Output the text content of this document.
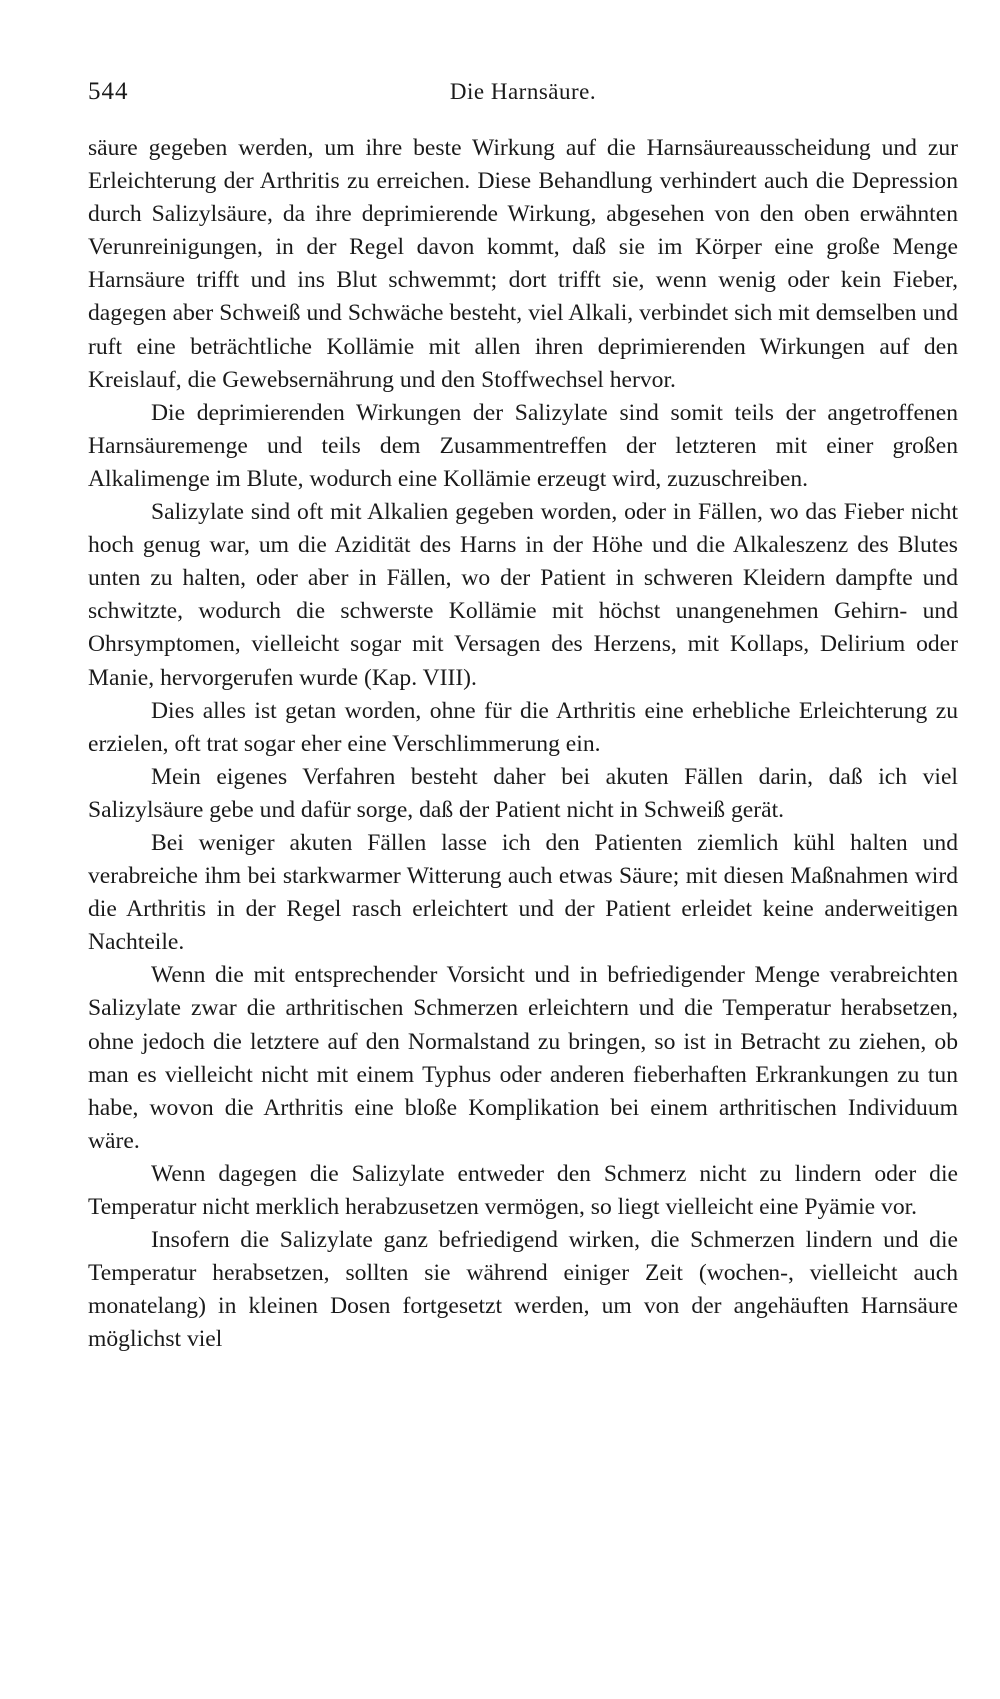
544	Die Harnsäure.

säure gegeben werden, um ihre beste Wirkung auf die Harnsäureausscheidung und zur Erleichterung der Arthritis zu erreichen. Diese Behandlung verhindert auch die Depression durch Salizylsäure, da ihre deprimierende Wirkung, abgesehen von den oben erwähnten Verunreinigungen, in der Regel davon kommt, daß sie im Körper eine große Menge Harnsäure trifft und ins Blut schwemmt; dort trifft sie, wenn wenig oder kein Fieber, dagegen aber Schweiß und Schwäche besteht, viel Alkali, verbindet sich mit demselben und ruft eine beträchtliche Kollämie mit allen ihren deprimierenden Wirkungen auf den Kreislauf, die Gewebsernährung und den Stoffwechsel hervor.

Die deprimierenden Wirkungen der Salizylate sind somit teils der angetroffenen Harnsäuremenge und teils dem Zusammentreffen der letzteren mit einer großen Alkalimenge im Blute, wodurch eine Kollämie erzeugt wird, zuzuschreiben.

Salizylate sind oft mit Alkalien gegeben worden, oder in Fällen, wo das Fieber nicht hoch genug war, um die Azidität des Harns in der Höhe und die Alkaleszenz des Blutes unten zu halten, oder aber in Fällen, wo der Patient in schweren Kleidern dampfte und schwitzte, wodurch die schwerste Kollämie mit höchst unangenehmen Gehirn- und Ohrsymptomen, vielleicht sogar mit Versagen des Herzens, mit Kollaps, Delirium oder Manie, hervorgerufen wurde (Kap. VIII).

Dies alles ist getan worden, ohne für die Arthritis eine erhebliche Erleichterung zu erzielen, oft trat sogar eher eine Verschlimmerung ein.

Mein eigenes Verfahren besteht daher bei akuten Fällen darin, daß ich viel Salizylsäure gebe und dafür sorge, daß der Patient nicht in Schweiß gerät.

Bei weniger akuten Fällen lasse ich den Patienten ziemlich kühl halten und verabreiche ihm bei starkwarmer Witterung auch etwas Säure; mit diesen Maßnahmen wird die Arthritis in der Regel rasch erleichtert und der Patient erleidet keine anderweitigen Nachteile.

Wenn die mit entsprechender Vorsicht und in befriedigender Menge verabreichten Salizylate zwar die arthritischen Schmerzen erleichtern und die Temperatur herabsetzen, ohne jedoch die letztere auf den Normalstand zu bringen, so ist in Betracht zu ziehen, ob man es vielleicht nicht mit einem Typhus oder anderen fieberhaften Erkrankungen zu tun habe, wovon die Arthritis eine bloße Komplikation bei einem arthritischen Individuum wäre.

Wenn dagegen die Salizylate entweder den Schmerz nicht zu lindern oder die Temperatur nicht merklich herabzusetzen vermögen, so liegt vielleicht eine Pyämie vor.

Insofern die Salizylate ganz befriedigend wirken, die Schmerzen lindern und die Temperatur herabsetzen, sollten sie während einiger Zeit (wochen-, vielleicht auch monatelang) in kleinen Dosen fortgesetzt werden, um von der angehäuften Harnsäure möglichst viel
